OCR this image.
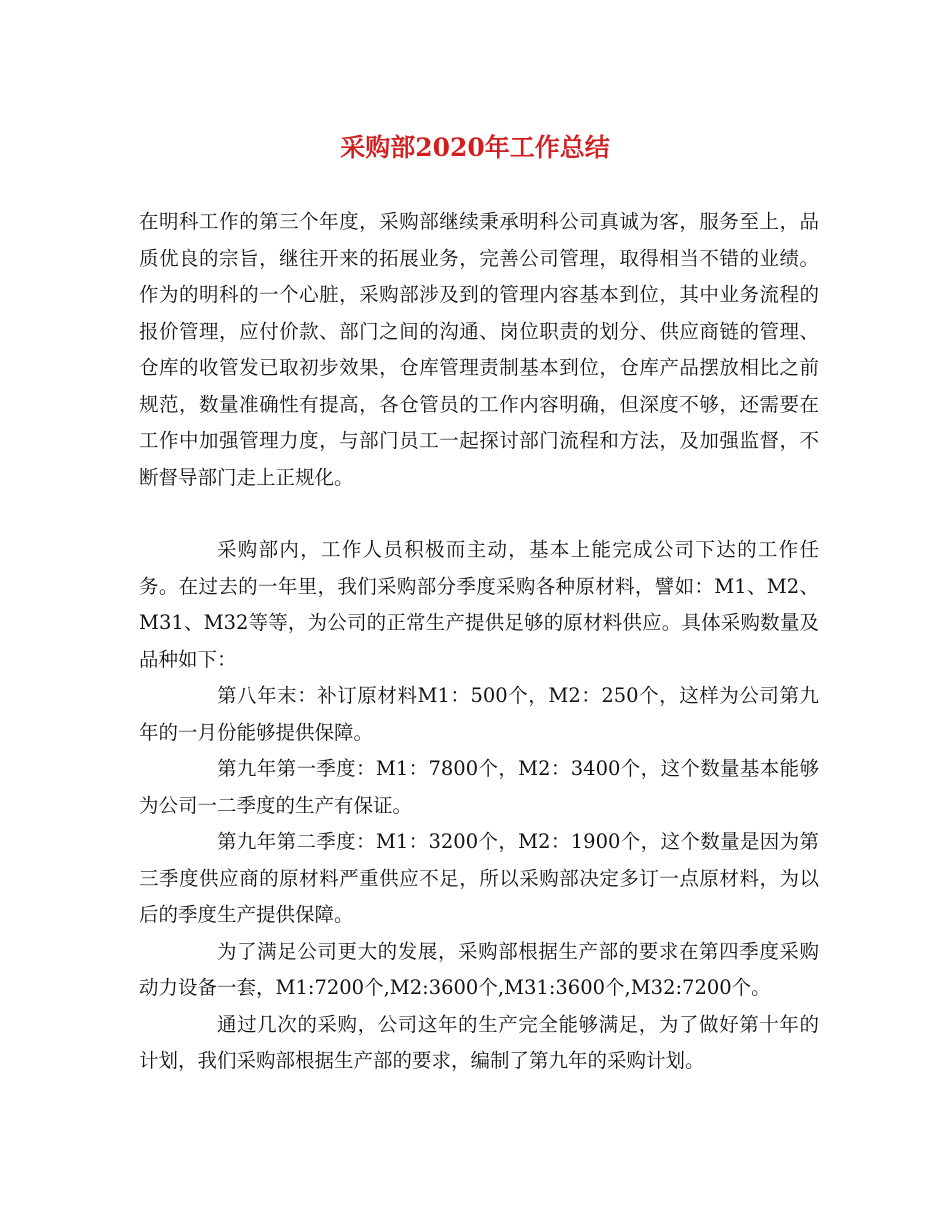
采购部2020年工作总结

在明科工作的第三个年度，采购部继续秉承明科公司真诚为客，服务至上，品质优良的宗旨，继往开来的拓展业务，完善公司管理，取得相当不错的业绩。作为的明科的一个心脏，采购部涉及到的管理内容基本到位，其中业务流程的报价管理，应付价款、部门之间的沟通、岗位职责的划分、供应商链的管理、仓库的收管发已取初步效果，仓库管理责制基本到位，仓库产品摆放相比之前规范，数量准确性有提高，各仓管员的工作内容明确，但深度不够，还需要在工作中加强管理力度，与部门员工一起探讨部门流程和方法，及加强监督，不断督导部门走上正规化。

采购部内，工作人员积极而主动，基本上能完成公司下达的工作任务。在过去的一年里，我们采购部分季度采购各种原材料，譬如：M1、M2、M31、M32等等，为公司的正常生产提供足够的原材料供应。具体采购数量及品种如下：

第八年末：补订原材料M1：500个，M2：250个，这样为公司第九年的一月份能够提供保障。

第九年第一季度：M1：7800个，M2：3400个，这个数量基本能够为公司一二季度的生产有保证。

第九年第二季度：M1：3200个，M2：1900个，这个数量是因为第三季度供应商的原材料严重供应不足，所以采购部决定多订一点原材料，为以后的季度生产提供保障。

为了满足公司更大的发展，采购部根据生产部的要求在第四季度采购动力设备一套，M1:7200个,M2:3600个,M31:3600个,M32:7200个。

通过几次的采购，公司这年的生产完全能够满足，为了做好第十年的计划，我们采购部根据生产部的要求，编制了第九年的采购计划。
